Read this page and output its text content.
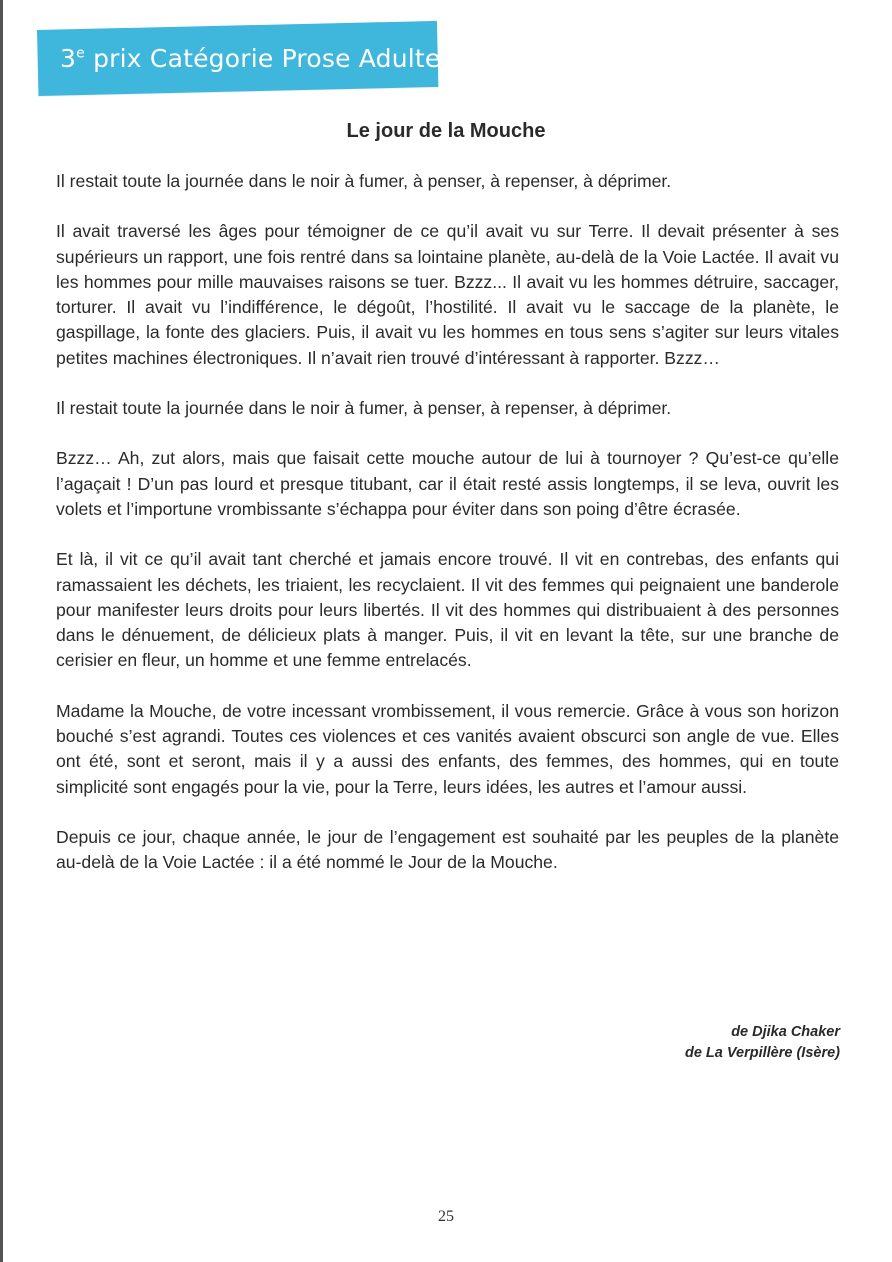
3e prix Catégorie Prose Adulte
Le jour de la Mouche

Il restait toute la journée dans le noir à fumer, à penser, à repenser, à déprimer.

Il avait traversé les âges pour témoigner de ce qu’il avait vu sur Terre. Il devait présenter à ses supérieurs un rapport, une fois rentré dans sa lointaine planète, au-delà de la Voie Lactée. Il avait vu les hommes pour mille mauvaises raisons se tuer. Bzzz... Il avait vu les hommes détruire, saccager, torturer. Il avait vu l’indifférence, le dégoût, l’hostilité. Il avait vu le saccage de la planète, le gaspillage, la fonte des glaciers. Puis, il avait vu les hommes en tous sens s’agiter sur leurs vitales petites machines électroniques. Il n’avait rien trouvé d’intéressant à rapporter. Bzzz…

Il restait toute la journée dans le noir à fumer, à penser, à repenser, à déprimer.

Bzzz… Ah, zut alors, mais que faisait cette mouche autour de lui à tournoyer ? Qu’est-ce qu’elle l’agaçait ! D’un pas lourd et presque titubant, car il était resté assis longtemps, il se leva, ouvrit les volets et l’importune vrombissante s’échappa pour éviter dans son poing d’être écrasée.

Et là, il vit ce qu’il avait tant cherché et jamais encore trouvé. Il vit en contrebas, des enfants qui ramassaient les déchets, les triaient, les recyclaient. Il vit des femmes qui peignaient une banderole pour manifester leurs droits pour leurs libertés. Il vit des hommes qui distribuaient à des personnes dans le dénuement, de délicieux plats à manger. Puis, il vit en levant la tête, sur une branche de cerisier en fleur, un homme et une femme entrelacés.

Madame la Mouche, de votre incessant vrombissement, il vous remercie. Grâce à vous son horizon bouché s’est agrandi. Toutes ces violences et ces vanités avaient obscurci son angle de vue. Elles ont été, sont et seront, mais il y a aussi des enfants, des femmes, des hommes, qui en toute simplicité sont engagés pour la vie, pour la Terre, leurs idées, les autres et l’amour aussi.

Depuis ce jour, chaque année, le jour de l’engagement est souhaité par les peuples de la planète au-delà de la Voie Lactée : il a été nommé le Jour de la Mouche.

de Djika Chaker
de La Verpillère (Isère)
25
